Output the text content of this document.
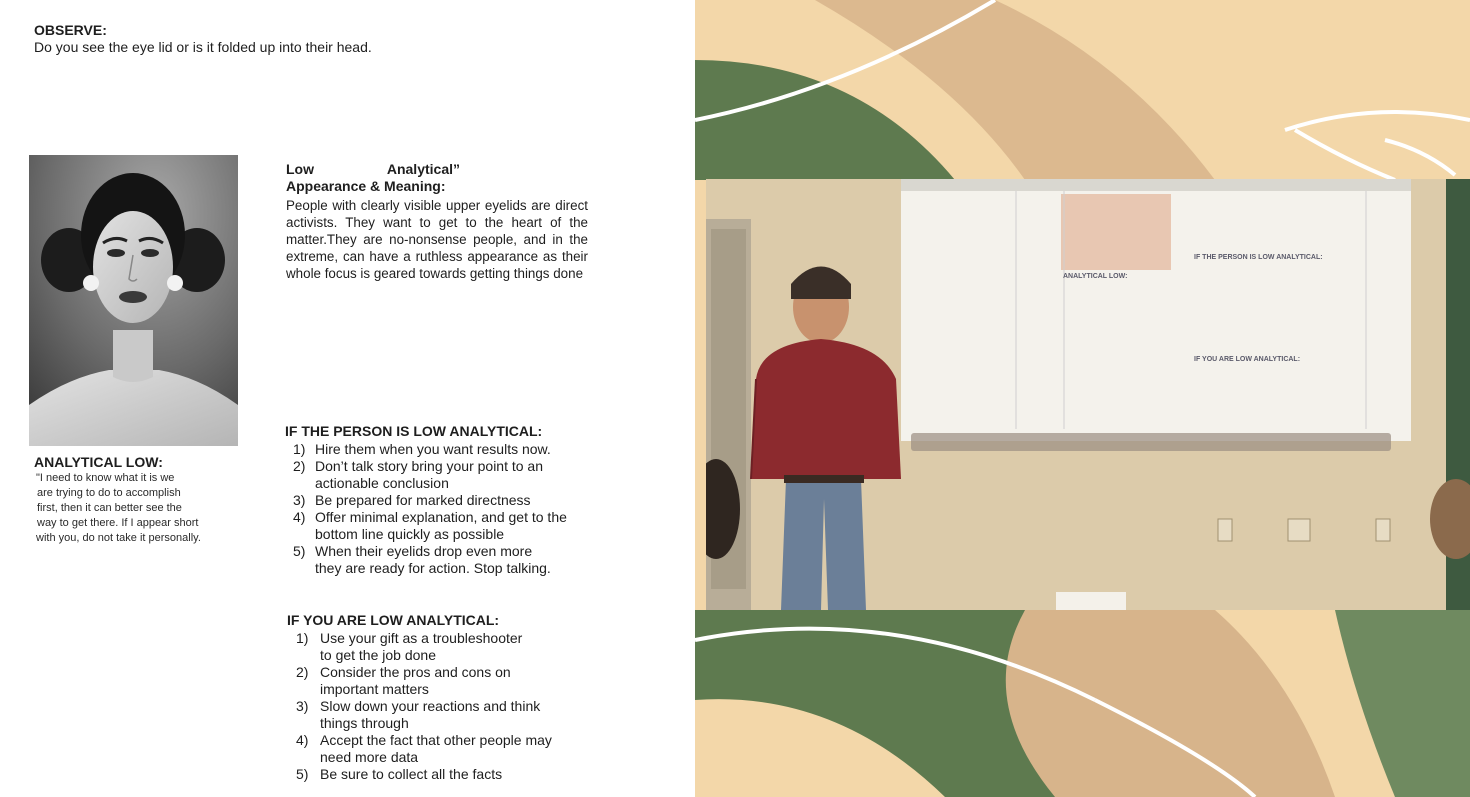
OBSERVE:
Do you see the eye lid or is it folded up into their head.
ANALYTICAL LOW:
"I need to know what it is we
are trying to do to accomplish
first, then it can better see the
way to get there. If I appear short
with you, do not take it personally.
Low	Analytical”
Appearance & Meaning:
People with clearly visible upper eyelids are direct activists. They want to get to the heart of the matter.They are no-nonsense people, and in the extreme, can have a ruthless appearance as their whole focus is geared towards getting things done
IF THE PERSON IS LOW ANALYTICAL:
1) Hire them when you want results now.
2) Don’t talk story bring your point to an
actionable conclusion
3) Be prepared for marked directness
4) Offer minimal explanation, and get to the
bottom line quickly as possible
5) When their eyelids drop even more
they are ready for action. Stop talking.
IF YOU ARE LOW ANALYTICAL:
1) Use your gift as a troubleshooter
to get the job done
2) Consider the pros and cons on
important matters
3) Slow down your reactions and think
things through
4) Accept the fact that other people may
need more data
5) Be sure to collect all the facts
ANALYTICAL LOW:
IF THE PERSON IS LOW ANALYTICAL:
IF YOU ARE LOW ANALYTICAL:
